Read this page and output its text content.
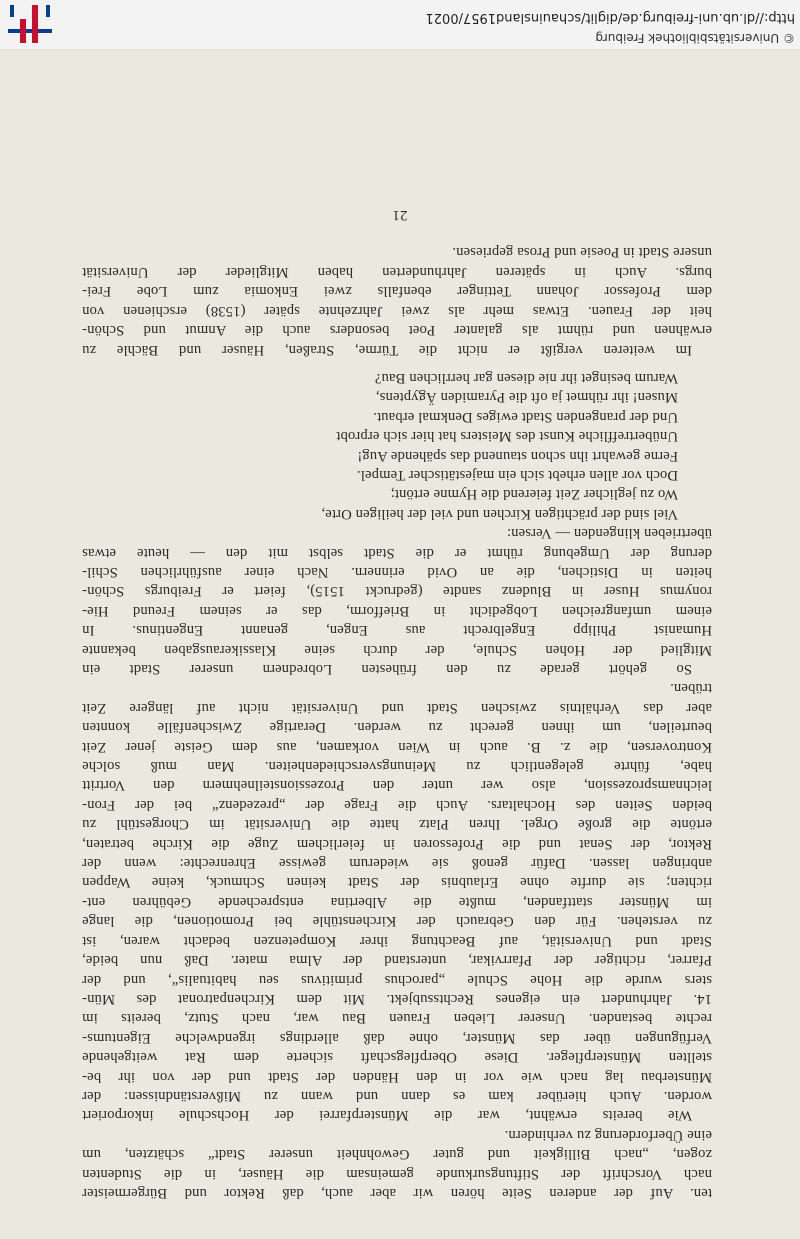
ten. Auf der anderen Seite hören wir aber auch, daß Rektor und Bürgermeister
nach Vorschrift der Stiftungsurkunde gemeinsam die Häuser, in die Studenten
zogen, „nach Billigkeit und guter Gewohnheit unserer Stadt“ schätzten, um
eine Überforderung zu verhindern.
Wie bereits erwähnt, war die Münsterpfarrei der Hochschule inkorporiert
worden. Auch hierüber kam es dann und wann zu Mißverständnissen: der
Münsterbau lag nach wie vor in den Händen der Stadt und der von ihr be-
stellten Münsterpfleger. Diese Oberpflegschaft sicherte dem Rat weitgehende
Verfügungen über das Münster, ohne daß allerdings irgendwelche Eigentums-
rechte bestanden. Unserer Lieben Frauen Bau war, nach Stutz, bereits im
14. Jahrhundert ein eigenes Rechtssubjekt. Mit dem Kirchenpatronat des Mün-
sters wurde die Hohe Schule „parochus primitivus seu habitualis“, und der
Pfarrer, richtiger der Pfarrvikar, unterstand der Alma mater. Daß nun beide,
Stadt und Universität, auf Beachtung ihrer Kompetenzen bedacht waren, ist
zu verstehen. Für den Gebrauch der Kirchenstühle bei Promotionen, die lange
im Münster stattfanden, mußte die Albertina entsprechende Gebühren ent-
richten; sie durfte ohne Erlaubnis der Stadt keinen Schmuck, keine Wappen
anbringen lassen. Dafür genoß sie wiederum gewisse Ehrenrechte: wenn der
Rektor, der Senat und die Professoren in feierlichem Zuge die Kirche betraten,
ertönte die große Orgel. Ihren Platz hatte die Universität im Chorgestühl zu
beiden Seiten des Hochaltars. Auch die Frage der „prezedenz“ bei der Fron-
leichnamsprozession, also wer unter den Prozessionsteilnehmern den Vortritt
habe, führte gelegentlich zu Meinungsverschiedenheiten. Man muß solche
Kontroversen, die z. B. auch in Wien vorkamen, aus dem Geiste jener Zeit
beurteilen, um ihnen gerecht zu werden. Derartige Zwischenfälle konnten
aber das Verhältnis zwischen Stadt und Universität nicht auf längere Zeit
trüben.
So gehört gerade zu den frühesten Lobrednern unserer Stadt ein
Mitglied der Hohen Schule, der durch seine Klassikerausgaben bekannte
Humanist Philipp Engelbrecht aus Engen, genannt Engentinus. In
einem umfangreichen Lobgedicht in Briefform, das er seinem Freund Hie-
ronymus Huser in Bludenz sandte (gedruckt 1515), feiert er Freiburgs Schön-
heiten in Distichen, die an Ovid erinnern. Nach einer ausführlichen Schil-
derung der Umgebung rühmt er die Stadt selbst mit den — heute etwas
übertrieben klingenden — Versen:
Viel sind der prächtigen Kirchen und viel der heiligen Orte,
Wo zu jeglicher Zeit feierend die Hymne ertönt;
Doch vor allen erhebt sich ein majestätischer Tempel.
Ferne gewahrt ihn schon staunend das spähende Aug!
Unübertreffliche Kunst des Meisters hat hier sich erprobt
Und der prangenden Stadt ewiges Denkmal erbaut.
Musen! ihr rühmet ja oft die Pyramiden Ägyptens,
Warum besinget ihr nie diesen gar herrlichen Bau?
Im weiteren vergißt er nicht die Türme, Straßen, Häuser und Bächle zu
erwähnen und rühmt als galanter Poet besonders auch die Anmut und Schön-
heit der Frauen. Etwas mehr als zwei Jahrzehnte später (1538) erschienen von
dem Professor Johann Tettinger ebenfalls zwei Enkomia zum Lobe Frei-
burgs. Auch in späteren Jahrhunderten haben Mitglieder der Universität
unsere Stadt in Poesie und Prosa gepriesen.
21
© Universitätsbibliothek Freiburg
http://dl.ub.uni-freiburg.de/diglit/schauinsland1957/0021
